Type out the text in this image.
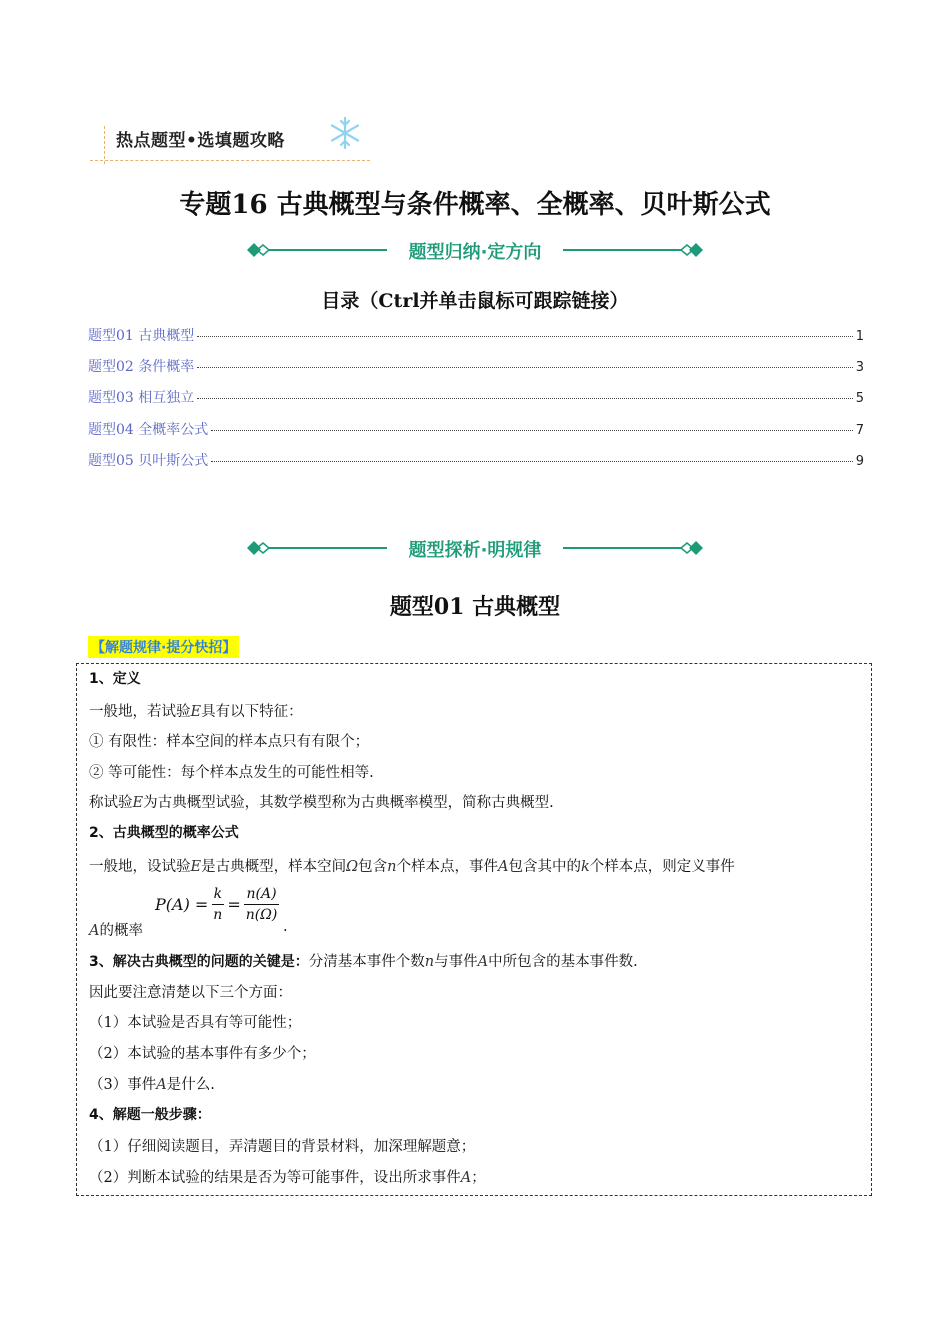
热点题型•选填题攻略
专题16 古典概型与条件概率、全概率、贝叶斯公式
题型归纳·定方向
目录（Ctrl并单击鼠标可跟踪链接）
题型01 古典概型	1
题型02 条件概率	3
题型03 相互独立	5
题型04 全概率公式	7
题型05 贝叶斯公式	9
题型探析·明规律
题型01 古典概型
【解题规律·提分快招】
1、定义
一般地，若试验E具有以下特征：
① 有限性：样本空间的样本点只有有限个；
② 等可能性：每个样本点发生的可能性相等.
称试验E为古典概型试验，其数学模型称为古典概率模型，简称古典概型.
2、古典概型的概率公式
一般地，设试验E是古典概型，样本空间Ω包含n个样本点，事件A包含其中的k个样本点，则定义事件
$P(A) = \frac{k}{n} = \frac{n(A)}{n(\Omega)}$
A的概率	.
3、解决古典概型的问题的关键是：分清基本事件个数n与事件A中所包含的基本事件数.
因此要注意清楚以下三个方面：
（1）本试验是否具有等可能性；
（2）本试验的基本事件有多少个；
（3）事件A是什么.
4、解题一般步骤：
（1）仔细阅读题目，弄清题目的背景材料，加深理解题意；
（2）判断本试验的结果是否为等可能事件，设出所求事件A；
